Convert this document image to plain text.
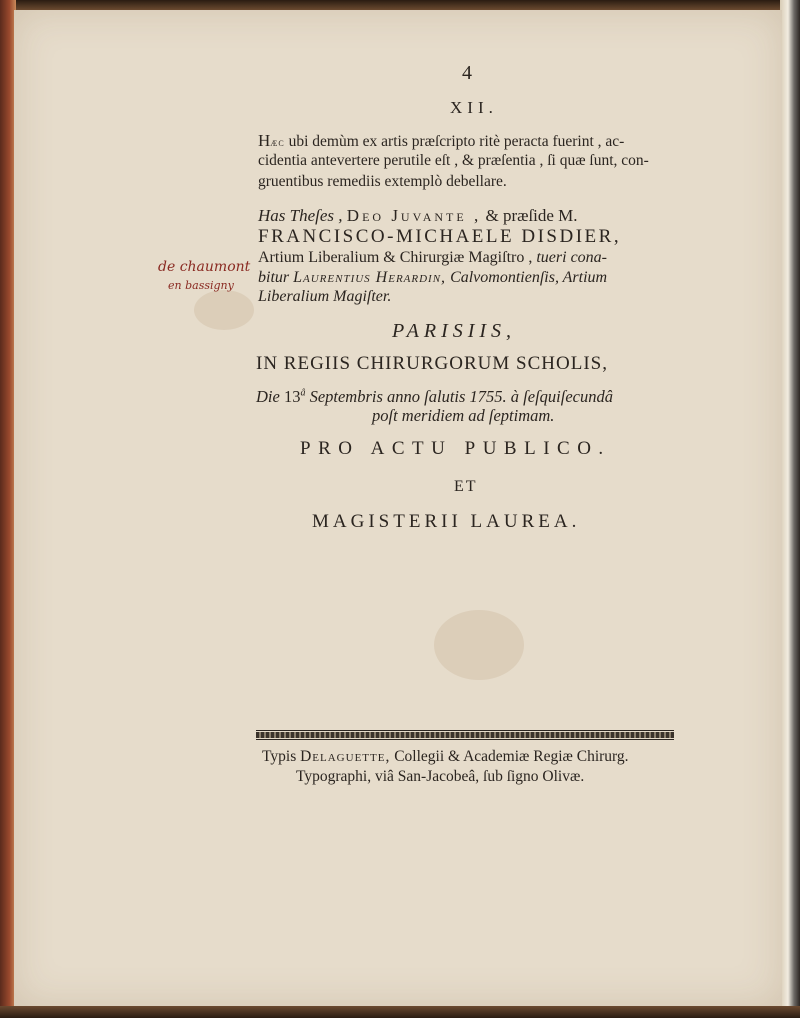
4
XII.
Hæc ubi demùm ex artis præſcripto ritè peracta fuerint , ac-
cidentia antevertere perutile eſt , & præſentia , ſi quæ ſunt, con-
gruentibus remediis extemplò debellare.
Has Theſes , Deo Juvante , & præſide M.
FRANCISCO-MICHAELE DISDIER,
Artium Liberalium & Chirurgiæ Magiſtro , tueri cona-
bitur Laurentius Herardin, Calvomontienſis, Artium
Liberalium Magiſter.
de chaumont
en bassigny
PARISIIS,
IN REGIIS CHIRURGORUM SCHOLIS,
Die $13^â$ Septembris anno ſalutis 1755. à ſeſquiſecundâ
poſt meridiem ad ſeptimam.
PRO ACTU PUBLICO.
ET
MAGISTERII LAUREA.
Typis Delaguette, Collegii & Academiæ Regiæ Chirurg.
Typographi, viâ San-Jacobeâ, ſub ſigno Olivæ.
